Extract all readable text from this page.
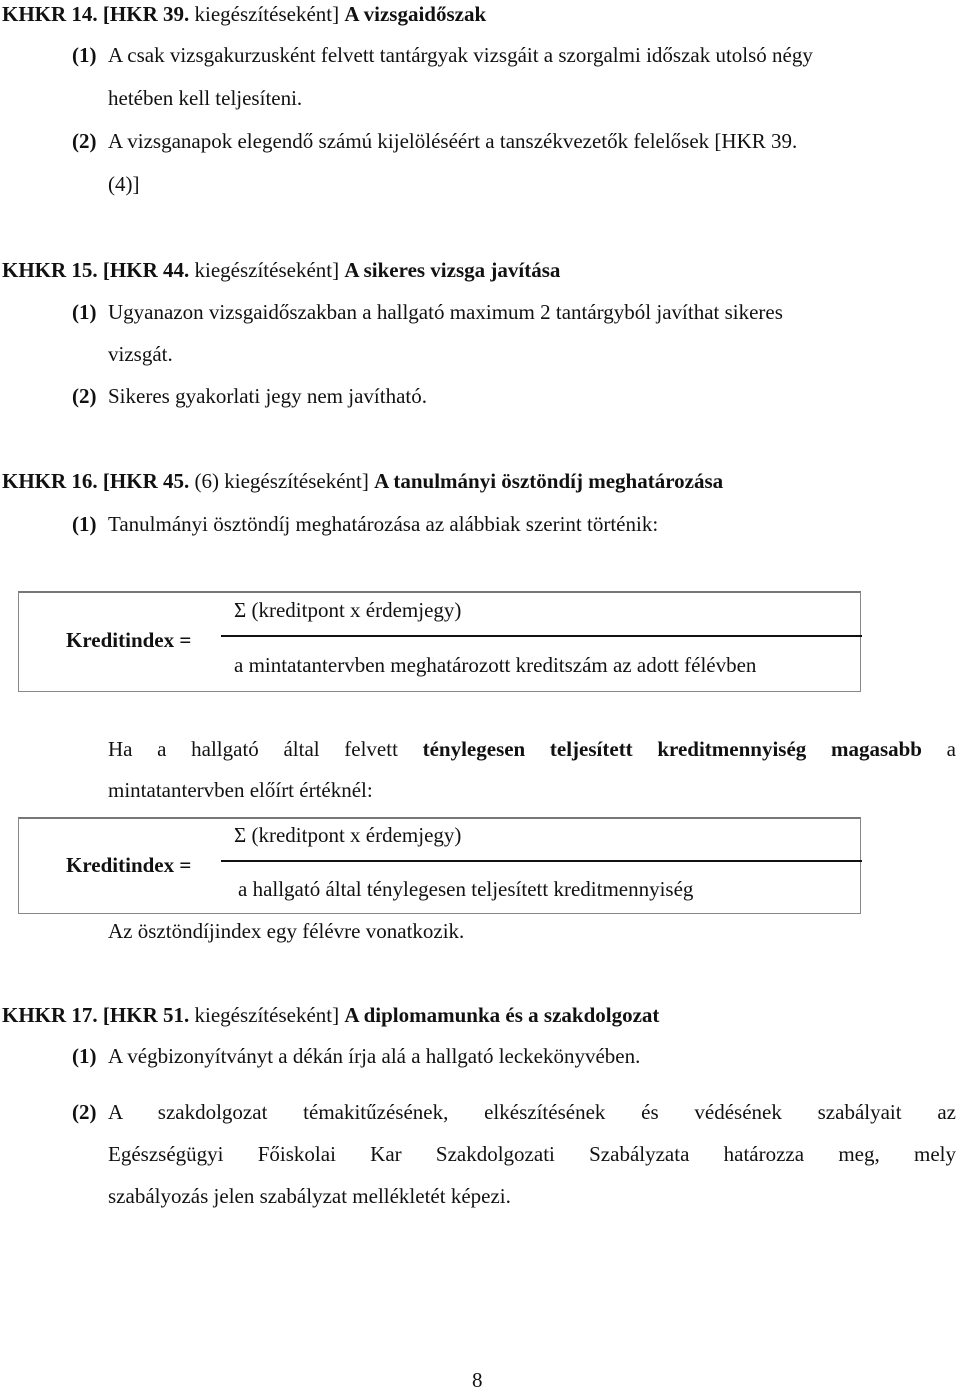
KHKR 14. [HKR 39. kiegészítéseként] A vizsgaidőszak
(1) A csak vizsgakurzusként felvett tantárgyak vizsgáit a szorgalmi időszak utolsó négy
hetében kell teljesíteni.
(2) A vizsganapok elegendő számú kijelöléséért a tanszékvezetők felelősek [HKR 39.
(4)]
KHKR 15. [HKR 44. kiegészítéseként] A sikeres vizsga javítása
(1) Ugyanazon vizsgaidőszakban a hallgató maximum 2 tantárgyból javíthat sikeres
vizsgát.
(2) Sikeres gyakorlati jegy nem javítható.
KHKR 16. [HKR 45. (6) kiegészítéseként] A tanulmányi ösztöndíj meghatározása
(1) Tanulmányi ösztöndíj meghatározása az alábbiak szerint történik:
Kreditindex =
Σ (kreditpont x érdemjegy)
a mintatantervben meghatározott kreditszám az adott félévben
Ha a hallgató által felvett ténylegesen teljesített kreditmennyiség magasabb a
mintatantervben előírt értéknél:
Kreditindex =
Σ (kreditpont x érdemjegy)
a hallgató által ténylegesen teljesített kreditmennyiség
Az ösztöndíjindex egy félévre vonatkozik.
KHKR 17. [HKR 51. kiegészítéseként] A diplomamunka és a szakdolgozat
(1) A végbizonyítványt a dékán írja alá a hallgató leckekönyvében.
(2) A szakdolgozat témakitűzésének, elkészítésének és védésének szabályait az
Egészségügyi Főiskolai Kar Szakdolgozati Szabályzata határozza meg, mely
szabályozás jelen szabályzat mellékletét képezi.
8
